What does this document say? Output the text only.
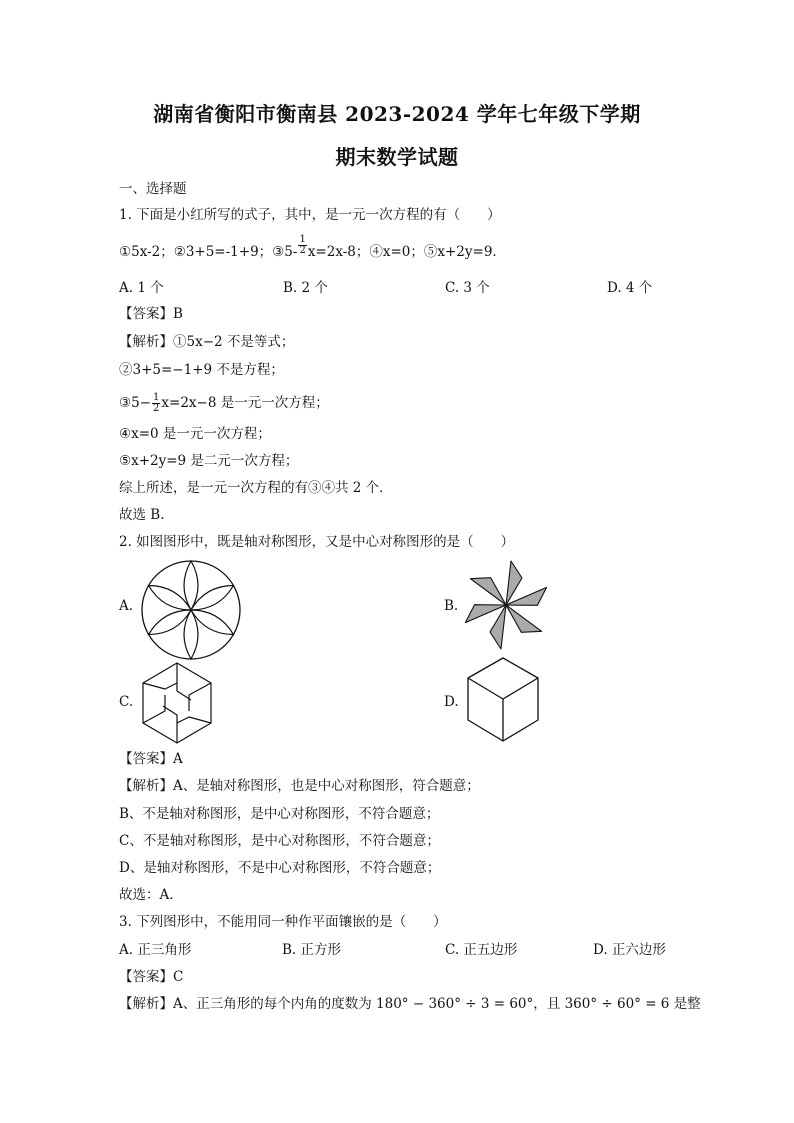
湖南省衡阳市衡南县 2023-2024 学年七年级下学期
期末数学试题
一、选择题
1. 下面是小红所写的式子，其中，是一元一次方程的有（　　）
①5x-2；②3+5=-1+9；③5- $\frac{1}{2} x=2x-8$；④x=0；⑤x+2y=9．
A. 1 个	B. 2 个	C. 3 个	D. 4 个
【答案】B
【解析】①5x−2 不是等式；
②3+5=−1+9 不是方程；
③5− $\frac{1}{2} x=2x-8$ 是一元一次方程；
④x=0 是一元一次方程；
⑤x+2y=9 是二元一次方程；
综上所述，是一元一次方程的有③④共 2 个．
故选 B.
2. 如图图形中，既是轴对称图形，又是中心对称图形的是（　　）
A.	B.
C.	D.
【答案】A
【解析】A、是轴对称图形，也是中心对称图形，符合题意；
B、不是轴对称图形，是中心对称图形，不符合题意；
C、不是轴对称图形，是中心对称图形，不符合题意；
D、是轴对称图形，不是中心对称图形，不符合题意；
故选：A．
3. 下列图形中，不能用同一种作平面镶嵌的是（　　）
A. 正三角形	B. 正方形	C. 正五边形	D. 正六边形
【答案】C
【解析】A、正三角形的每个内角的度数为 180° − 360° ÷ 3 = 60°，且 360° ÷ 60° = 6 是整
